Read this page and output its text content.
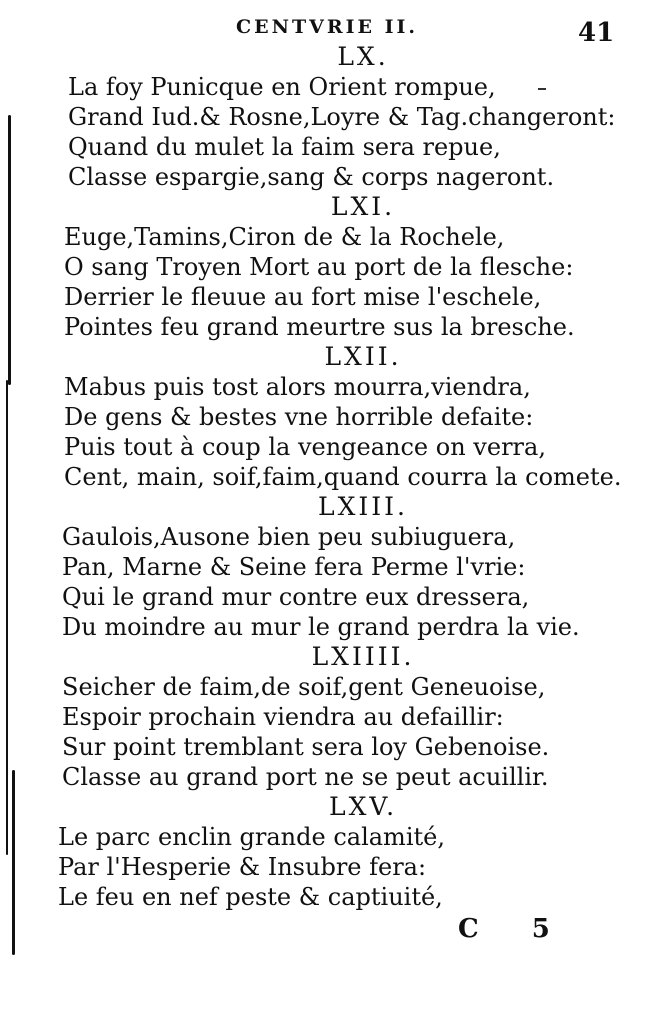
CENTVRIE II.	41
LX.
La foy Punicque en Orient rompue,
Grand Iud.& Rosne,Loyre & Tag.changeront:
Quand du mulet la faim sera repue,
Classe espargie,sang & corps nageront.
LXI.
Euge,Tamins,Ciron de & la Rochele,
O sang Troyen Mort au port de la flesche:
Derrier le fleuue au fort mise l'eschele,
Pointes feu grand meurtre sus la bresche.
LXII.
Mabus puis tost alors mourra,viendra,
De gens & bestes vne horrible defaite:
Puis tout à coup la vengeance on verra,
Cent, main, soif,faim,quand courra la comete.
LXIII.
Gaulois,Ausone bien peu subiuguera,
Pan, Marne & Seine fera Perme l'vrie:
Qui le grand mur contre eux dressera,
Du moindre au mur le grand perdra la vie.
LXIIII.
Seicher de faim,de soif,gent Geneuoise,
Espoir prochain viendra au defaillir:
Sur point tremblant sera loy Gebenoise.
Classe au grand port ne se peut acuillir.
LXV.
Le parc enclin grande calamité,
Par l'Hesperie & Insubre fera:
Le feu en nef peste & captiuité,
C 5
